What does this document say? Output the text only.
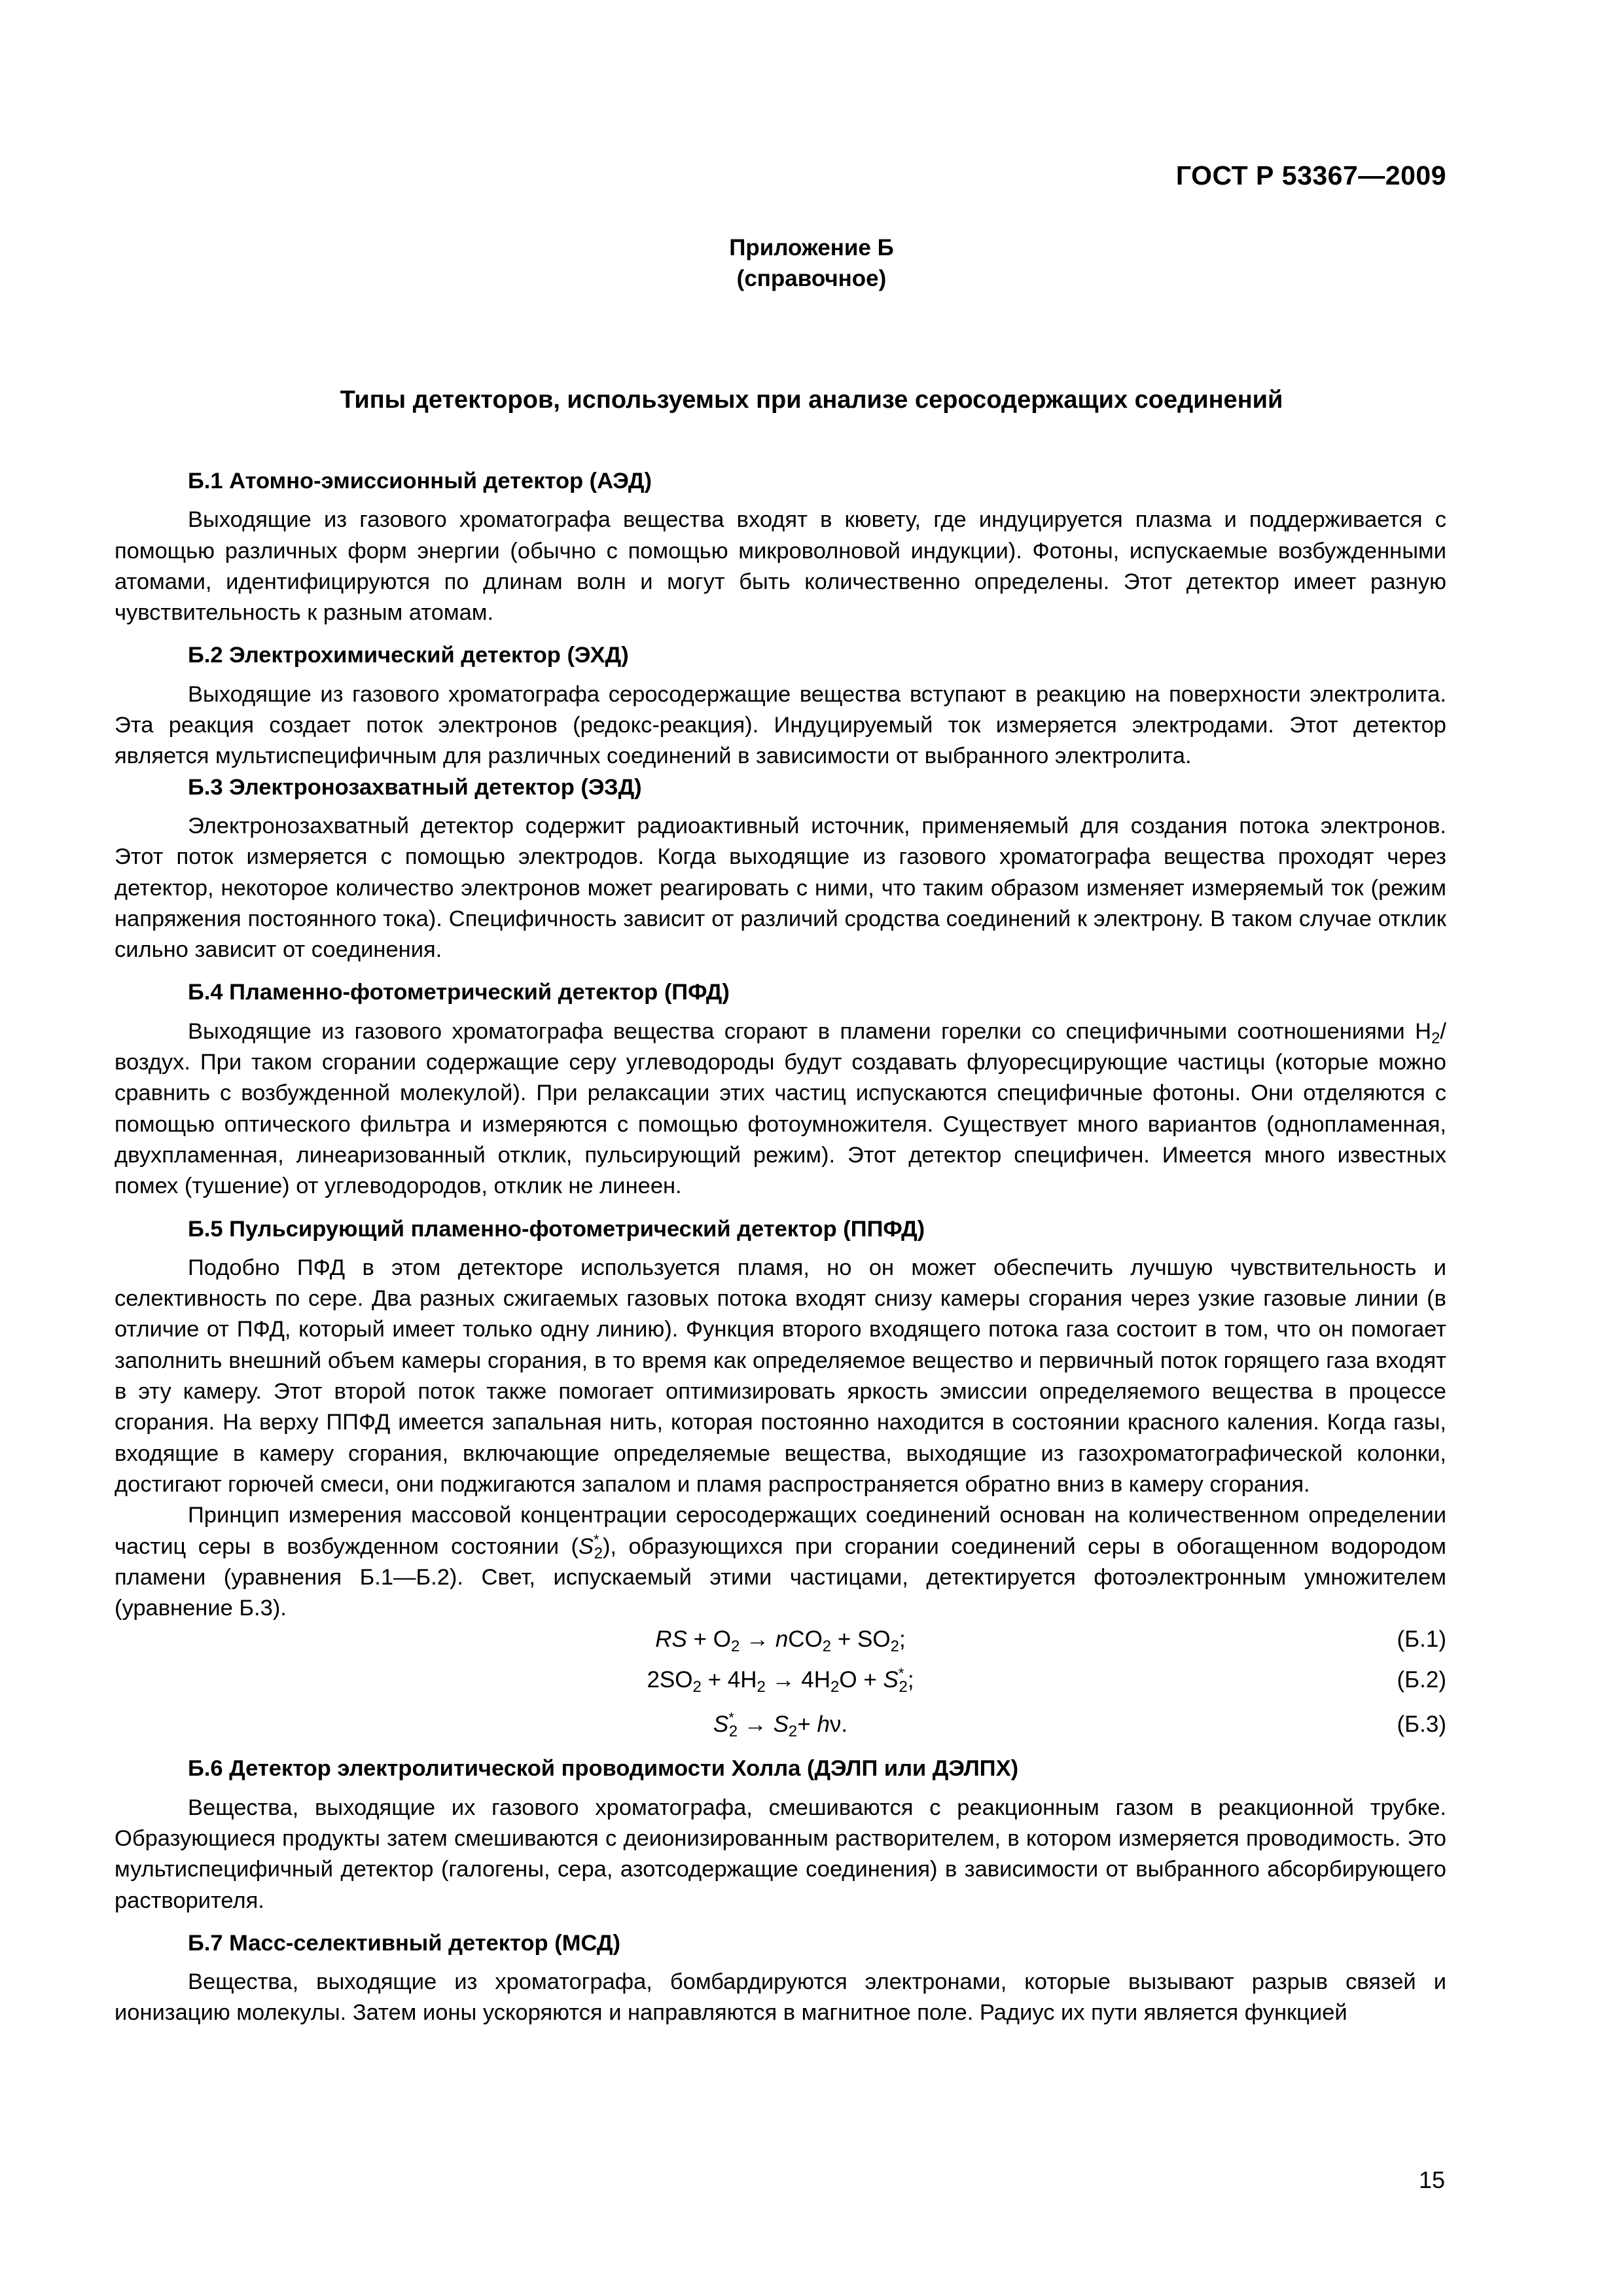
ГОСТ Р 53367—2009
Приложение Б
(справочное)
Типы детекторов, используемых при анализе серосодержащих соединений
Б.1 Атомно-эмиссионный детектор (АЭД)

Выходящие из газового хроматографа вещества входят в кювету, где индуцируется плазма и поддерживается с помощью различных форм энергии (обычно с помощью микроволновой индукции). Фотоны, испускаемые возбужденными атомами, идентифицируются по длинам волн и могут быть количественно определены. Этот детектор имеет разную чувствительность к разным атомам.

Б.2 Электрохимический детектор (ЭХД)

Выходящие из газового хроматографа серосодержащие вещества вступают в реакцию на поверхности электролита. Эта реакция создает поток электронов (редокс-реакция). Индуцируемый ток измеряется электродами. Этот детектор является мультиспецифичным для различных соединений в зависимости от выбранного электролита.

Б.3 Электронозахватный детектор (ЭЗД)

Электронозахватный детектор содержит радиоактивный источник, применяемый для создания потока электронов. Этот поток измеряется с помощью электродов. Когда выходящие из газового хроматографа вещества проходят через детектор, некоторое количество электронов может реагировать с ними, что таким образом изменяет измеряемый ток (режим напряжения постоянного тока). Специфичность зависит от различий сродства соединений к электрону. В таком случае отклик сильно зависит от соединения.

Б.4 Пламенно-фотометрический детектор (ПФД)

Выходящие из газового хроматографа вещества сгорают в пламени горелки со специфичными соотношениями $H_2$/воздух. При таком сгорании содержащие серу углеводороды будут создавать флуоресцирующие частицы (которые можно сравнить с возбужденной молекулой). При релаксации этих частиц испускаются специфичные фотоны. Они отделяются с помощью оптического фильтра и измеряются с помощью фотоумножителя. Существует много вариантов (однопламенная, двухпламенная, линеаризованный отклик, пульсирующий режим). Этот детектор специфичен. Имеется много известных помех (тушение) от углеводородов, отклик не линеен.

Б.5 Пульсирующий пламенно-фотометрический детектор (ППФД)

Подобно ПФД в этом детекторе используется пламя, но он может обеспечить лучшую чувствительность и селективность по сере. Два разных сжигаемых газовых потока входят снизу камеры сгорания через узкие газовые линии (в отличие от ПФД, который имеет только одну линию). Функция второго входящего потока газа состоит в том, что он помогает заполнить внешний объем камеры сгорания, в то время как определяемое вещество и первичный поток горящего газа входят в эту камеру. Этот второй поток также помогает оптимизировать яркость эмиссии определяемого вещества в процессе сгорания. На верху ППФД имеется запальная нить, которая постоянно находится в состоянии красного каления. Когда газы, входящие в камеру сгорания, включающие определяемые вещества, выходящие из газохроматографической колонки, достигают горючей смеси, они поджигаются запалом и пламя распространяется обратно вниз в камеру сгорания.

Принцип измерения массовой концентрации серосодержащих соединений основан на количественном определении частиц серы в возбужденном состоянии $(S^*_2)$, образующихся при сгорании соединений серы в обогащенном водородом пламени (уравнения Б.1—Б.2). Свет, испускаемый этими частицами, детектируется фотоэлектронным умножителем (уравнение Б.3).

RS + $O_2 \to nCO_2 + SO_2$;	(Б.1)
$2SO_2 + 4H_2 \to 4H_2O + S^*_2$;	(Б.2)
$S^*_2 \to S_2+ h\nu$.	(Б.3)
Б.6 Детектор электролитической проводимости Холла (ДЭЛП или ДЭЛПХ)

Вещества, выходящие их газового хроматографа, смешиваются с реакционным газом в реакционной трубке. Образующиеся продукты затем смешиваются с деионизированным растворителем, в котором измеряется проводимость. Это мультиспецифичный детектор (галогены, сера, азотсодержащие соединения) в зависимости от выбранного абсорбирующего растворителя.

Б.7 Масс-селективный детектор (МСД)

Вещества, выходящие из хроматографа, бомбардируются электронами, которые вызывают разрыв связей и ионизацию молекулы. Затем ионы ускоряются и направляются в магнитное поле. Радиус их пути является функцией

15
